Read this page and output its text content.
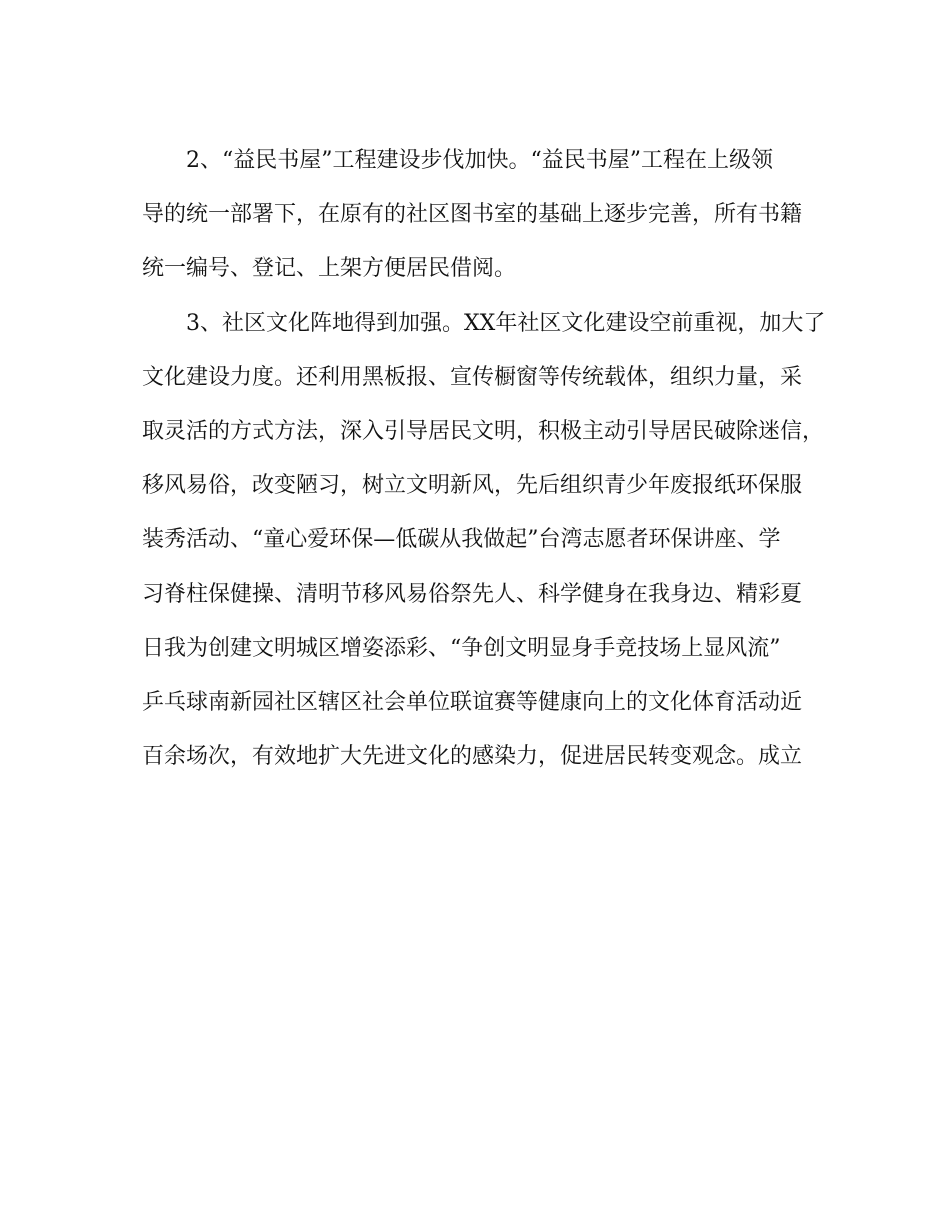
2、“益民书屋”工程建设步伐加快。“益民书屋”工程在上级领
导的统一部署下，在原有的社区图书室的基础上逐步完善，所有书籍
统一编号、登记、上架方便居民借阅。
3、社区文化阵地得到加强。XX年社区文化建设空前重视，加大了
文化建设力度。还利用黑板报、宣传橱窗等传统载体，组织力量，采
取灵活的方式方法，深入引导居民文明，积极主动引导居民破除迷信，
移风易俗，改变陋习，树立文明新风，先后组织青少年废报纸环保服
装秀活动、“童心爱环保—低碳从我做起”台湾志愿者环保讲座、学
习脊柱保健操、清明节移风易俗祭先人、科学健身在我身边、精彩夏
日我为创建文明城区增姿添彩、“争创文明显身手竞技场上显风流”
乒乓球南新园社区辖区社会单位联谊赛等健康向上的文化体育活动近
百余场次，有效地扩大先进文化的感染力，促进居民转变观念。成立
